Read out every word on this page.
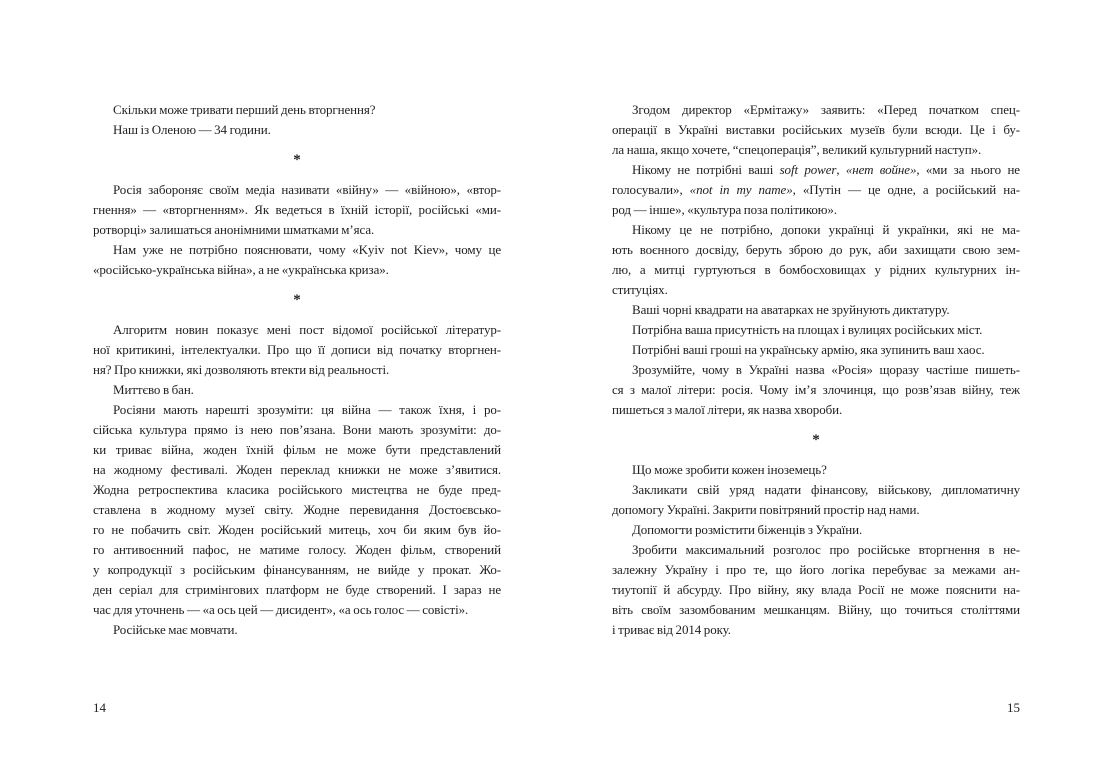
Скільки може тривати перший день вторгнення?
Наш із Оленою — 34 години.
*
Росія забороняє своїм медіа називати «війну» — «війною», «втор-
гнення» — «вторгненням». Як ведеться в їхній історії, російські «ми-
ротворці» залишаться анонімними шматками м’яса.
Нам уже не потрібно пояснювати, чому «Kyiv not Kiev», чому це
«російсько-українська війна», а не «українська криза».
*
Алгоритм новин показує мені пост відомої російської літератур-
ної критикині, інтелектуалки. Про що її дописи від початку вторгнен-
ня? Про книжки, які дозволяють втекти від реальності.
Миттєво в бан.
Росіяни мають нарешті зрозуміти: ця війна — також їхня, і ро-
сійська культура прямо із нею пов’язана. Вони мають зрозуміти: до-
ки триває війна, жоден їхній фільм не може бути представлений
на жодному фестивалі. Жоден переклад книжки не може з’явитися.
Жодна ретроспектива класика російського мистецтва не буде пред-
ставлена в жодному музеї світу. Жодне перевидання Достоєвсько-
го не побачить світ. Жоден російський митець, хоч би яким був йо-
го антивоєнний пафос, не матиме голосу. Жоден фільм, створений
у копродукції з російським фінансуванням, не вийде у прокат. Жо-
ден серіал для стримінгових платформ не буде створений. І зараз не
час для уточнень — «а ось цей — дисидент», «а ось голос — совісті».
Російське має мовчати.
Згодом директор «Ермітажу» заявить: «Перед початком спец-
операції в Україні виставки російських музеїв були всюди. Це і бу-
ла наша, якщо хочете, “спецоперація”, великий культурний наступ».
Нікому не потрібні ваші soft power, «нет войне», «ми за нього не
голосували», «not in my name», «Путін — це одне, а російський на-
род — інше», «культура поза політикою».
Нікому це не потрібно, допоки українці й українки, які не ма-
ють воєнного досвіду, беруть зброю до рук, аби захищати свою зем-
лю, а митці гуртуються в бомбосховищах у рідних культурних ін-
ституціях.
Ваші чорні квадрати на аватарках не зруйнують диктатуру.
Потрібна ваша присутність на площах і вулицях російських міст.
Потрібні ваші гроші на українську армію, яка зупинить ваш хаос.
Зрозумійте, чому в Україні назва «Росія» щоразу частіше пишеть-
ся з малої літери: росія. Чому ім’я злочинця, що розв’язав війну, теж
пишеться з малої літери, як назва хвороби.
*
Що може зробити кожен іноземець?
Закликати свій уряд надати фінансову, військову, дипломатичну
допомогу Україні. Закрити повітряний простір над нами.
Допомогти розмістити біженців з України.
Зробити максимальний розголос про російське вторгнення в не-
залежну Україну і про те, що його логіка перебуває за межами ан-
тиутопії й абсурду. Про війну, яку влада Росії не може пояснити на-
віть своїм зазомбованим мешканцям. Війну, що точиться століттями
і триває від 2014 року.
14	15
